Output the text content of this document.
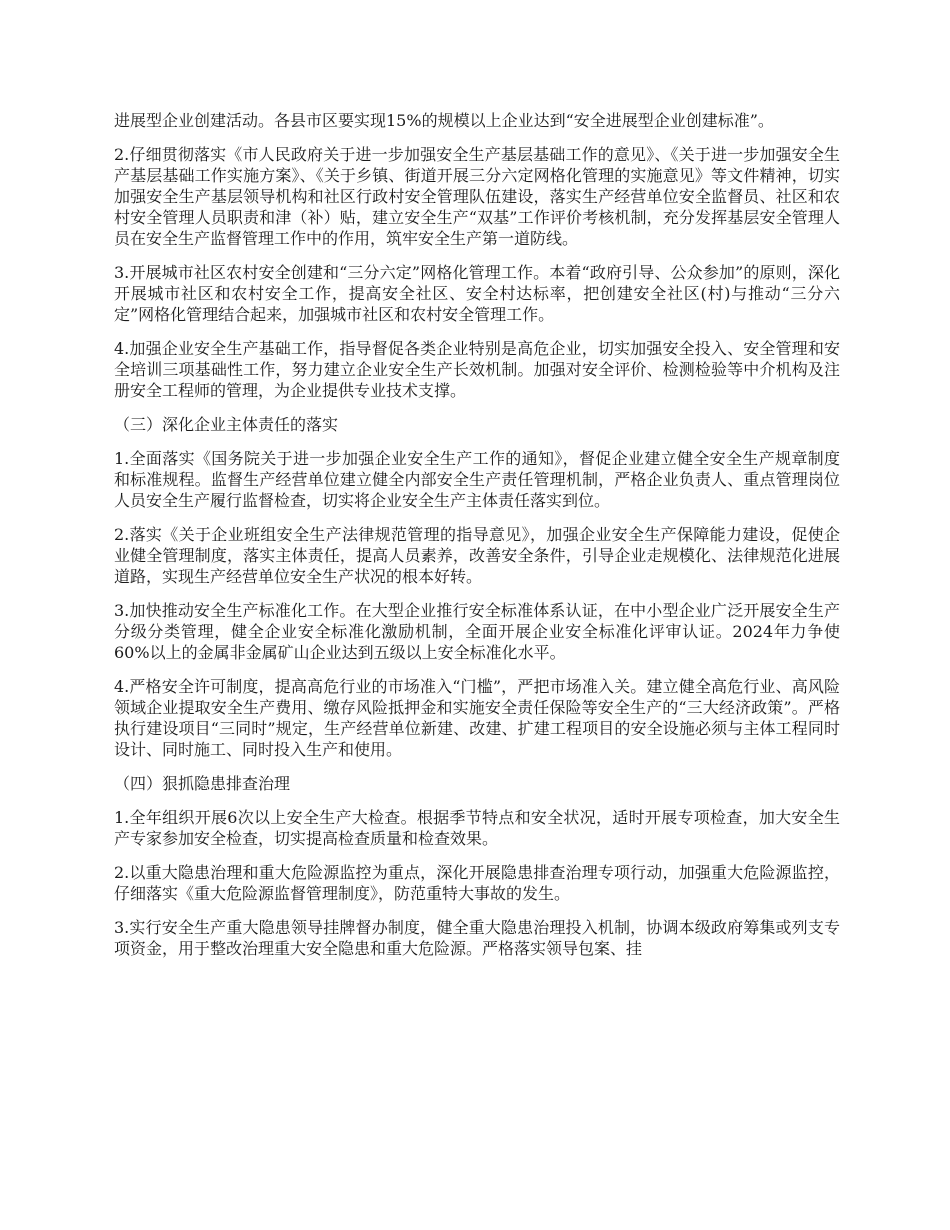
进展型企业创建活动。各县市区要实现15%的规模以上企业达到“安全进展型企业创建标准”。

2.仔细贯彻落实《市人民政府关于进一步加强安全生产基层基础工作的意见》、《关于进一步加强安全生产基层基础工作实施方案》、《关于乡镇、街道开展三分六定网格化管理的实施意见》等文件精神，切实加强安全生产基层领导机构和社区行政村安全管理队伍建设，落实生产经营单位安全监督员、社区和农村安全管理人员职责和津（补）贴，建立安全生产“双基”工作评价考核机制，充分发挥基层安全管理人员在安全生产监督管理工作中的作用，筑牢安全生产第一道防线。

3.开展城市社区农村安全创建和“三分六定”网格化管理工作。本着“政府引导、公众参加”的原则，深化开展城市社区和农村安全工作，提高安全社区、安全村达标率，把创建安全社区(村)与推动“三分六定”网格化管理结合起来，加强城市社区和农村安全管理工作。

4.加强企业安全生产基础工作，指导督促各类企业特别是高危企业，切实加强安全投入、安全管理和安全培训三项基础性工作，努力建立企业安全生产长效机制。加强对安全评价、检测检验等中介机构及注册安全工程师的管理，为企业提供专业技术支撑。

（三）深化企业主体责任的落实

1.全面落实《国务院关于进一步加强企业安全生产工作的通知》，督促企业建立健全安全生产规章制度和标准规程。监督生产经营单位建立健全内部安全生产责任管理机制，严格企业负责人、重点管理岗位人员安全生产履行监督检查，切实将企业安全生产主体责任落实到位。

2.落实《关于企业班组安全生产法律规范管理的指导意见》，加强企业安全生产保障能力建设，促使企业健全管理制度，落实主体责任，提高人员素养，改善安全条件，引导企业走规模化、法律规范化进展道路，实现生产经营单位安全生产状况的根本好转。

3.加快推动安全生产标准化工作。在大型企业推行安全标准体系认证，在中小型企业广泛开展安全生产分级分类管理，健全企业安全标准化激励机制，全面开展企业安全标准化评审认证。2024年力争使60%以上的金属非金属矿山企业达到五级以上安全标准化水平。

4.严格安全许可制度，提高高危行业的市场准入“门槛”，严把市场准入关。建立健全高危行业、高风险领域企业提取安全生产费用、缴存风险抵押金和实施安全责任保险等安全生产的“三大经济政策”。严格执行建设项目“三同时”规定，生产经营单位新建、改建、扩建工程项目的安全设施必须与主体工程同时设计、同时施工、同时投入生产和使用。

（四）狠抓隐患排查治理

1.全年组织开展6次以上安全生产大检查。根据季节特点和安全状况，适时开展专项检查，加大安全生产专家参加安全检查，切实提高检查质量和检查效果。

2.以重大隐患治理和重大危险源监控为重点，深化开展隐患排查治理专项行动，加强重大危险源监控，仔细落实《重大危险源监督管理制度》，防范重特大事故的发生。

3.实行安全生产重大隐患领导挂牌督办制度，健全重大隐患治理投入机制，协调本级政府筹集或列支专项资金，用于整改治理重大安全隐患和重大危险源。严格落实领导包案、挂
